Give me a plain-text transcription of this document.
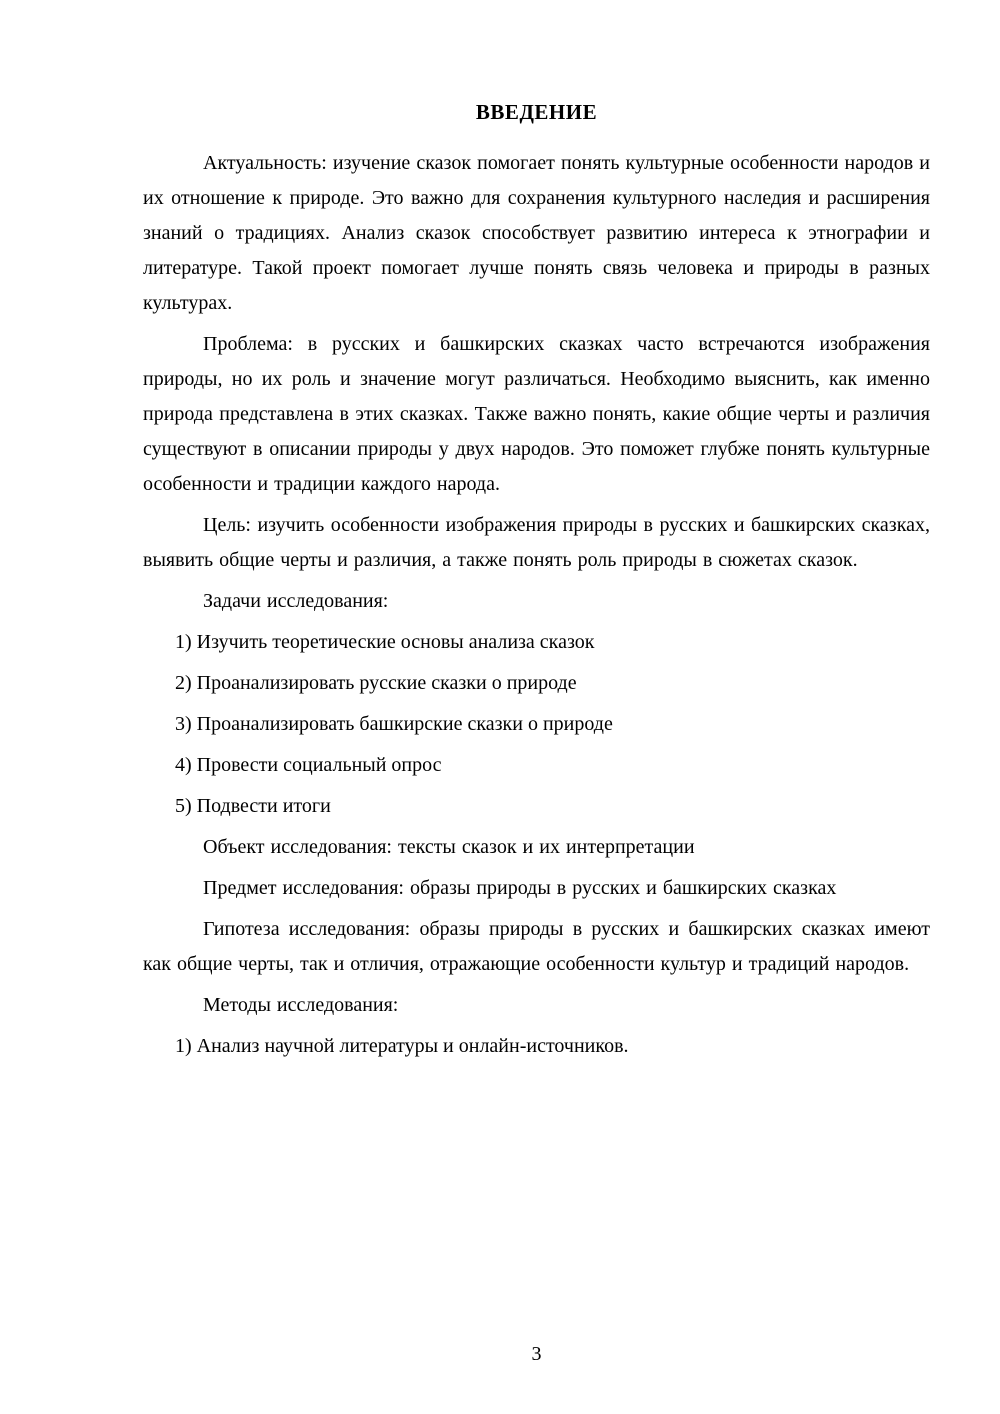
ВВЕДЕНИЕ

Актуальность: изучение сказок помогает понять культурные особенности народов и их отношение к природе. Это важно для сохранения культурного наследия и расширения знаний о традициях. Анализ сказок способствует развитию интереса к этнографии и литературе. Такой проект помогает лучше понять связь человека и природы в разных культурах.

Проблема: в русских и башкирских сказках часто встречаются изображения природы, но их роль и значение могут различаться. Необходимо выяснить, как именно природа представлена в этих сказках. Также важно понять, какие общие черты и различия существуют в описании природы у двух народов. Это поможет глубже понять культурные особенности и традиции каждого народа.

Цель: изучить особенности изображения природы в русских и башкирских сказках, выявить общие черты и различия, а также понять роль природы в сюжетах сказок.

Задачи исследования:

1) Изучить теоретические основы анализа сказок
2) Проанализировать русские сказки о природе
3) Проанализировать башкирские сказки о природе
4) Провести социальный опрос
5) Подвести итоги

Объект исследования: тексты сказок и их интерпретации

Предмет исследования: образы природы в русских и башкирских сказках

Гипотеза исследования: образы природы в русских и башкирских сказках имеют как общие черты, так и отличия, отражающие особенности культур и традиций народов.

Методы исследования:

1) Анализ научной литературы и онлайн-источников.
3
